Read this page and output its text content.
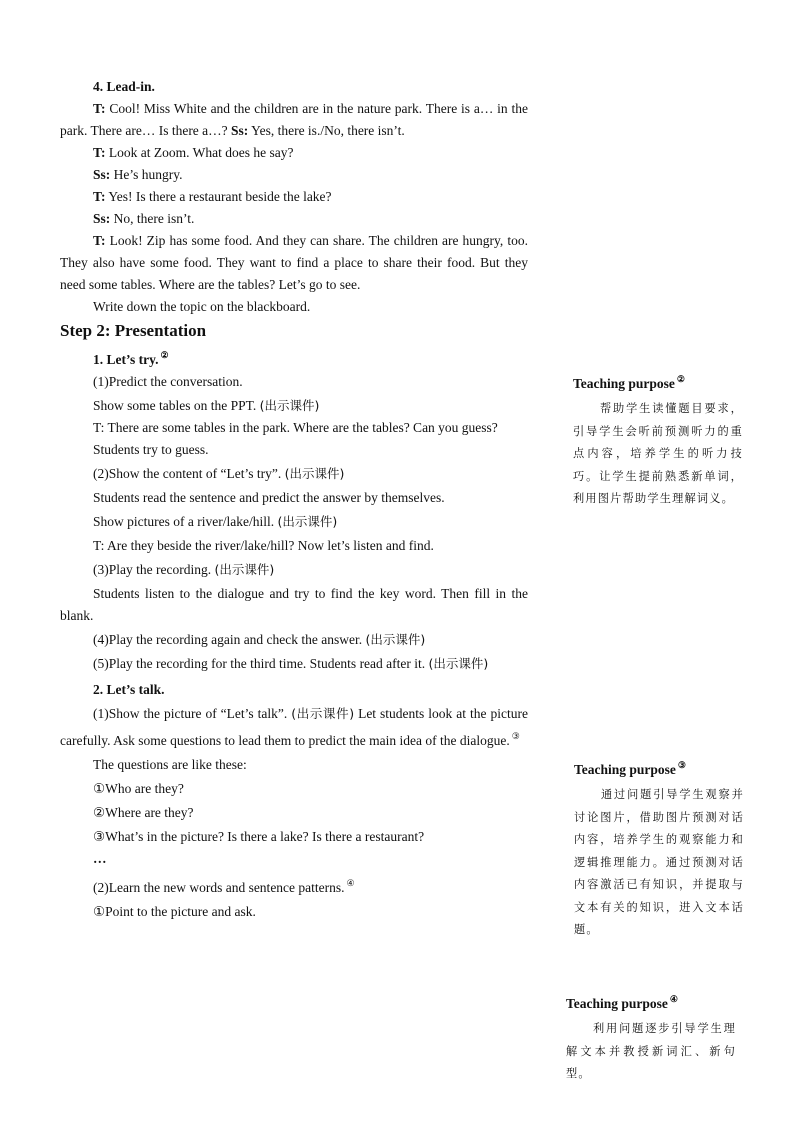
4. Lead-in.

T: Cool! Miss White and the children are in the nature park. There is a… in the park. There are… Is there a…? Ss: Yes, there is./No, there isn’t.

T: Look at Zoom. What does he say?

Ss: He’s hungry.

T: Yes! Is there a restaurant beside the lake?

Ss: No, there isn’t.

T: Look! Zip has some food. And they can share. The children are hungry, too. They also have some food. They want to find a place to share their food. But they need some tables. Where are the tables? Let’s go to see.

Write down the topic on the blackboard.

Step 2: Presentation

1. Let’s try. ②

(1)Predict the conversation.

Show some tables on the PPT. (出示课件)

T: There are some tables in the park. Where are the tables? Can you guess?

Students try to guess.

(2)Show the content of “Let’s try”. (出示课件)

Students read the sentence and predict the answer by themselves.

Show pictures of a river/lake/hill. (出示课件)

T: Are they beside the river/lake/hill? Now let’s listen and find.

(3)Play the recording. (出示课件)

Students listen to the dialogue and try to find the key word. Then fill in the blank.

(4)Play the recording again and check the answer. (出示课件)

(5)Play the recording for the third time. Students read after it. (出示课件)

2. Let’s talk.

(1)Show the picture of “Let’s talk”. (出示课件) Let students look at the picture carefully. Ask some questions to lead them to predict the main idea of the dialogue. ③

The questions are like these:

①Who are they?

②Where are they?

③What’s in the picture? Is there a lake? Is there a restaurant?

…

(2)Learn the new words and sentence patterns. ④

①Point to the picture and ask.

Teaching purpose ②

帮助学生读懂题目要求，引导学生会听前预测听力的重点内容，培养学生的听力技巧。让学生提前熟悉新单词，利用图片帮助学生理解词义。

Teaching purpose ③

通过问题引导学生观察并讨论图片，借助图片预测对话内容，培养学生的观察能力和逻辑推理能力。通过预测对话内容激活已有知识，并提取与文本有关的知识，进入文本话题。

Teaching purpose ④

利用问题逐步引导学生理解文本并教授新词汇、新句型。
